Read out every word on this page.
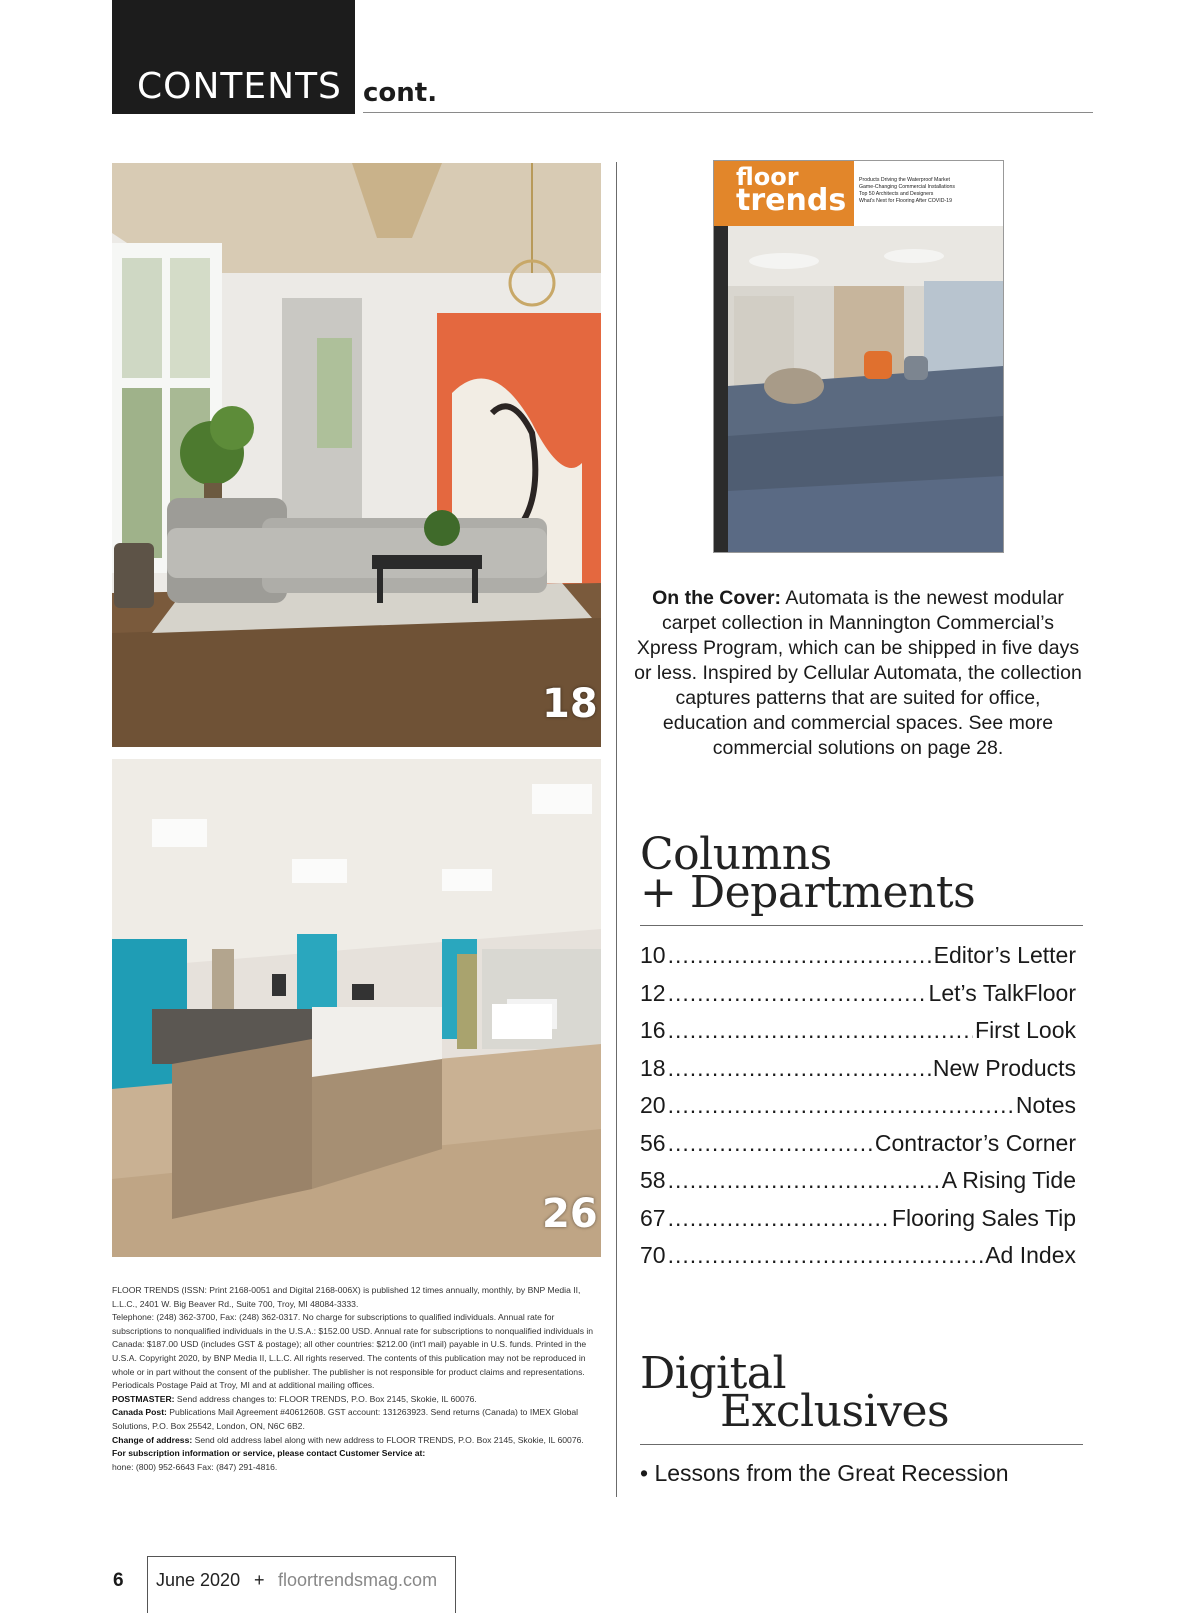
CONTENTS cont.
18
26
floor
trends
Products Driving the Waterproof Market
Game-Changing Commercial Installations
Top 50 Architects and Designers
What's Next for Flooring After COVID-19
On the Cover: Automata is the newest modular carpet collection in Mannington Commercial’s Xpress Program, which can be shipped in five days or less. Inspired by Cellular Automata, the collection captures patterns that are suited for office, education and commercial spaces. See more commercial solutions on page 28.
Columns
+ Departments
10 .....	Editor’s Letter
12 .....	Let’s TalkFloor
16 .....	First Look
18 .....	New Products
20 .....	Notes
56 .....	Contractor’s Corner
58 .....	A Rising Tide
67 .....	Flooring Sales Tip
70 .....	Ad Index
Digital
Exclusives
• Lessons from the Great Recession

FLOOR TRENDS (ISSN: Print 2168-0051 and Digital 2168-006X) is published 12 times annually, monthly, by BNP Media II, L.L.C., 2401 W. Big Beaver Rd., Suite 700, Troy, MI 48084-3333.

Telephone: (248) 362-3700, Fax: (248) 362-0317. No charge for subscriptions to qualified individuals. Annual rate for subscriptions to nonqualified individuals in the U.S.A.: $152.00 USD. Annual rate for subscriptions to nonqualified individuals in Canada: $187.00 USD (includes GST & postage); all other countries: $212.00 (int’l mail) payable in U.S. funds. Printed in the U.S.A. Copyright 2020, by BNP Media II, L.L.C. All rights reserved. The contents of this publication may not be reproduced in whole or in part without the consent of the publisher. The publisher is not responsible for product claims and representations. Periodicals Postage Paid at Troy, MI and at additional mailing offices.

POSTMASTER: Send address changes to: FLOOR TRENDS, P.O. Box 2145, Skokie, IL 60076.

Canada Post: Publications Mail Agreement #40612608. GST account: 131263923. Send returns (Canada) to IMEX Global Solutions, P.O. Box 25542, London, ON, N6C 6B2.

Change of address: Send old address label along with new address to FLOOR TRENDS, P.O. Box 2145, Skokie, IL 60076.

For subscription information or service, please contact Customer Service at:

hone: (800) 952-6643 Fax: (847) 291-4816.

6 June 2020 + floortrendsmag.com
